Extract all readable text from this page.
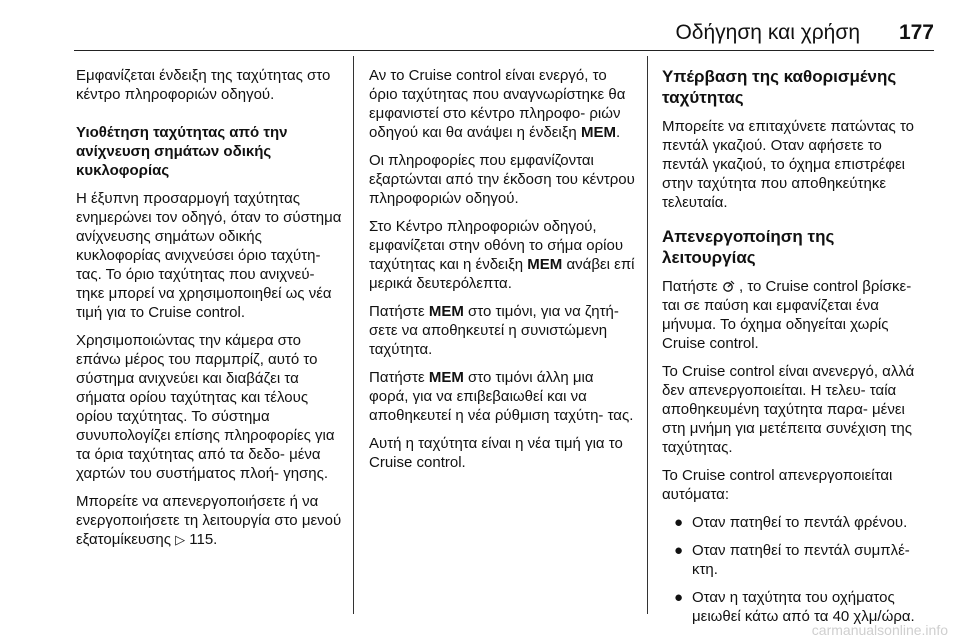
Οδήγηση και χρήση 177

Εμφανίζεται ένδειξη της ταχύτητας στο κέντρο πληροφοριών οδηγού.

Υιοθέτηση ταχύτητας από την ανίχνευση σημάτων οδικής κυκλοφορίας

Η έξυπνη προσαρμογή ταχύτητας ενημερώνει τον οδηγό, όταν το σύστημα ανίχνευσης σημάτων οδικής κυκλοφορίας ανιχνεύσει όριο ταχύτη- τας. Το όριο ταχύτητας που ανιχνεύ- τηκε μπορεί να χρησιμοποιηθεί ως νέα τιμή για το Cruise control.

Χρησιμοποιώντας την κάμερα στο επάνω μέρος του παρμπρίζ, αυτό το σύστημα ανιχνεύει και διαβάζει τα σήματα ορίου ταχύτητας και τέλους ορίου ταχύτητας. Το σύστημα συνυπολογίζει επίσης πληροφορίες για τα όρια ταχύτητας από τα δεδο- μένα χαρτών του συστήματος πλοή- γησης.

Μπορείτε να απενεργοποιήσετε ή να ενεργοποιήσετε τη λειτουργία στο μενού εξατομίκευσης ▷ 115.

Αν το Cruise control είναι ενεργό, το όριο ταχύτητας που αναγνωρίστηκε θα εμφανιστεί στο κέντρο πληροφο- ριών οδηγού και θα ανάψει η ένδειξη MEM.

Οι πληροφορίες που εμφανίζονται εξαρτώνται από την έκδοση του κέντρου πληροφοριών οδηγού.

Στο Κέντρο πληροφοριών οδηγού, εμφανίζεται στην οθόνη το σήμα ορίου ταχύτητας και η ένδειξη MEM ανάβει επί μερικά δευτερόλεπτα.

Πατήστε MEM στο τιμόνι, για να ζητή- σετε να αποθηκευτεί η συνιστώμενη ταχύτητα.

Πατήστε MEM στο τιμόνι άλλη μια φορά, για να επιβεβαιωθεί και να αποθηκευτεί η νέα ρύθμιση ταχύτη- τας.

Αυτή η ταχύτητα είναι η νέα τιμή για το Cruise control.

Υπέρβαση της καθορισμένης ταχύτητας

Μπορείτε να επιταχύνετε πατώντας το πεντάλ γκαζιού. Οταν αφήσετε το πεντάλ γκαζιού, το όχημα επιστρέφει στην ταχύτητα που αποθηκεύτηκε τελευταία.

Απενεργοποίηση της λειτουργίας

Πατήστε , το Cruise control βρίσκε- ται σε παύση και εμφανίζεται ένα μήνυμα. Το όχημα οδηγείται χωρίς Cruise control.

Το Cruise control είναι ανενεργό, αλλά δεν απενεργοποιείται. Η τελευ- ταία αποθηκευμένη ταχύτητα παρα- μένει στη μνήμη για μετέπειτα συνέχιση της ταχύτητας.

Το Cruise control απενεργοποιείται αυτόματα:

● Οταν πατηθεί το πεντάλ φρένου.
● Οταν πατηθεί το πεντάλ συμπλέ- κτη.
● Οταν η ταχύτητα του οχήματος μειωθεί κάτω από τα 40 χλμ/ώρα.
carmanualsonline.info
